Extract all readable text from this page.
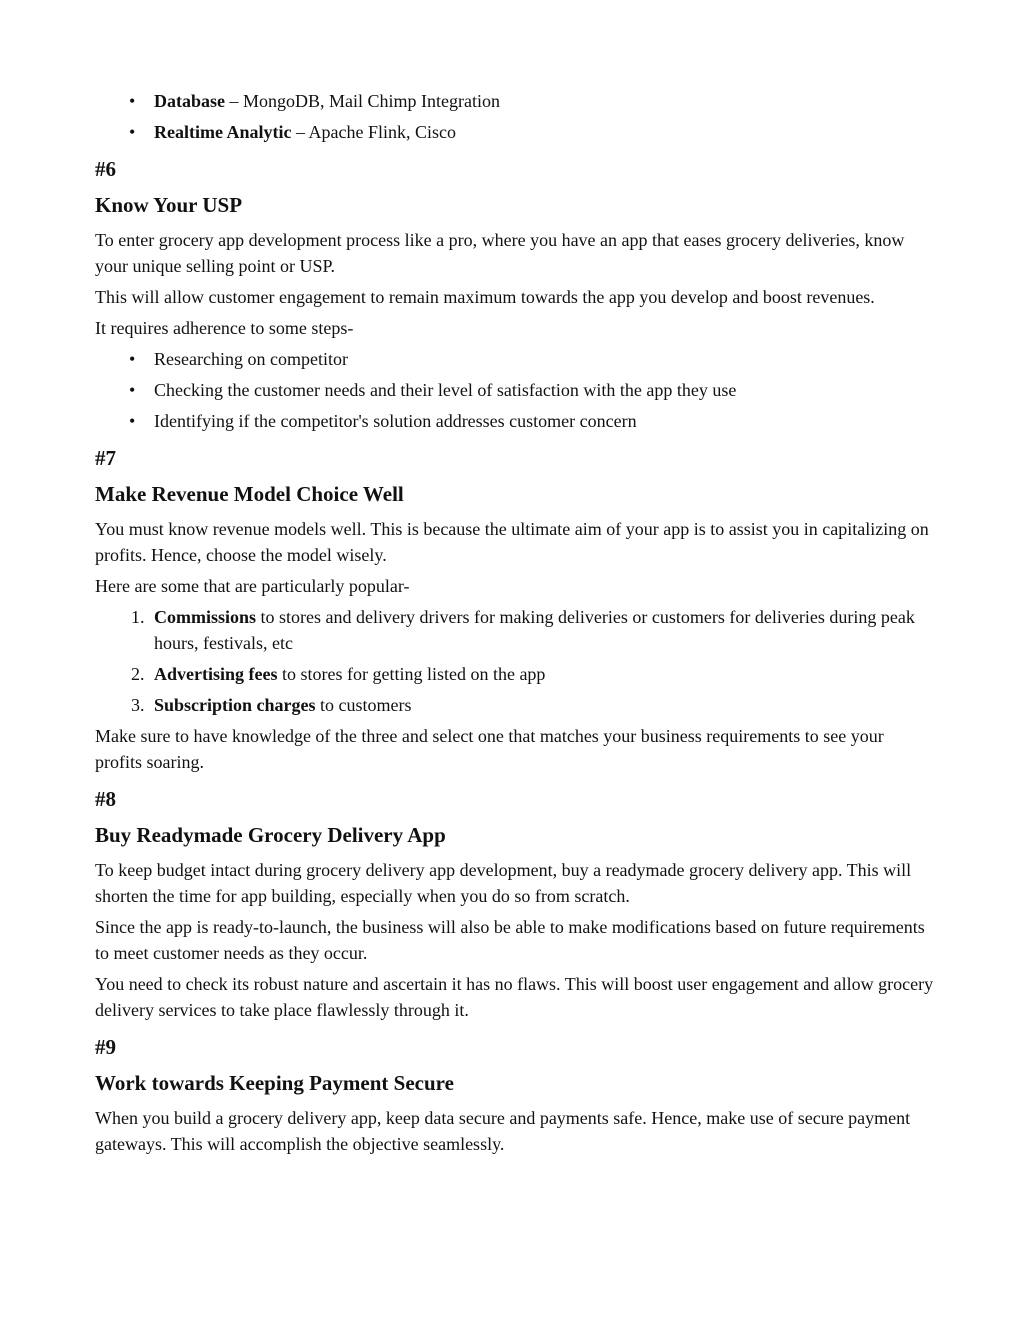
• Database – MongoDB, Mail Chimp Integration
• Realtime Analytic – Apache Flink, Cisco
#6
Know Your USP

To enter grocery app development process like a pro, where you have an app that eases grocery deliveries, know your unique selling point or USP.

This will allow customer engagement to remain maximum towards the app you develop and boost revenues.

It requires adherence to some steps-

• Researching on competitor
• Checking the customer needs and their level of satisfaction with the app they use
• Identifying if the competitor's solution addresses customer concern
#7
Make Revenue Model Choice Well

You must know revenue models well. This is because the ultimate aim of your app is to assist you in capitalizing on profits. Hence, choose the model wisely.

Here are some that are particularly popular-

1. Commissions to stores and delivery drivers for making deliveries or customers for deliveries during peak hours, festivals, etc
2. Advertising fees to stores for getting listed on the app
3. Subscription charges to customers

Make sure to have knowledge of the three and select one that matches your business requirements to see your profits soaring.

#8
Buy Readymade Grocery Delivery App

To keep budget intact during grocery delivery app development, buy a readymade grocery delivery app. This will shorten the time for app building, especially when you do so from scratch.

Since the app is ready-to-launch, the business will also be able to make modifications based on future requirements to meet customer needs as they occur.

You need to check its robust nature and ascertain it has no flaws. This will boost user engagement and allow grocery delivery services to take place flawlessly through it.

#9
Work towards Keeping Payment Secure

When you build a grocery delivery app, keep data secure and payments safe. Hence, make use of secure payment gateways. This will accomplish the objective seamlessly.
